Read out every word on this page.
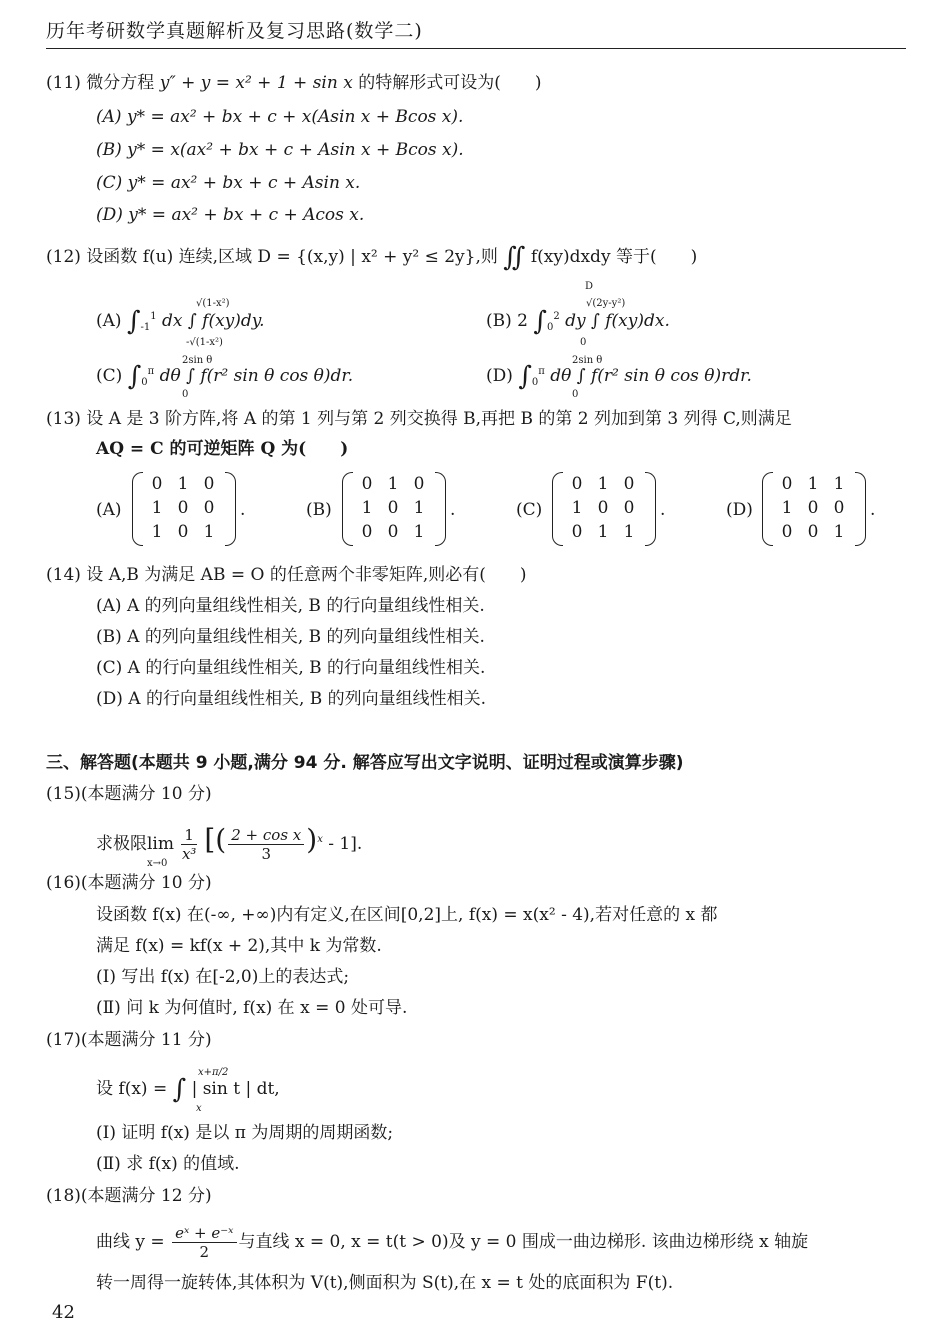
历年考研数学真题解析及复习思路(数学二)
(11) 微分方程 y″ + y = x² + 1 + sin x 的特解形式可设为(　　)
(A) y* = ax² + bx + c + x(Asin x + Bcos x).
(B) y* = x(ax² + bx + c + Asin x + Bcos x).
(C) y* = ax² + bx + c + Asin x.
(D) y* = ax² + bx + c + Acos x.
(12) 设函数 f(u) 连续,区域 D = {(x,y) | x² + y² ≤ 2y},则 ∬ f(xy)dxdy 等于(　　)
D
(A) $\int_{-1}^1$ dx ∫ f(xy)dy.
√(1-x²)
-√(1-x²)
(B) 2 $\int_0^2$ dy ∫ f(xy)dx.
√(2y-y²)
0
(C) $\int_0^\pi$ dθ ∫ f(r² sin θ cos θ)dr.
2sin θ
0
(D) $\int_0^\pi$ dθ ∫ f(r² sin θ cos θ)rdr.
2sin θ
0
(13) 设 A 是 3 阶方阵,将 A 的第 1 列与第 2 列交换得 B,再把 B 的第 2 列加到第 3 列得 C,则满足
AQ = C 的可逆矩阵 Q 为(　　)
(A)
0	1	0
1	0	0
1	0	1
.	(B)
0	1	0
1	0	1
0	0	1
.	(C)
0	1	0
1	0	0
0	1	1
.	(D)
0	1	1
1	0	0
0	0	1
.
(14) 设 A,B 为满足 AB = O 的任意两个非零矩阵,则必有(　　)
(A) A 的列向量组线性相关, B 的行向量组线性相关.
(B) A 的列向量组线性相关, B 的列向量组线性相关.
(C) A 的行向量组线性相关, B 的行向量组线性相关.
(D) A 的行向量组线性相关, B 的列向量组线性相关.
三、解答题(本题共 9 小题,满分 94 分. 解答应写出文字说明、证明过程或演算步骤)
(15)(本题满分 10 分)
求极限lim
x→0

$\frac{1}{\text{x³}}$ [( $\frac{\text{2 + cos x}}{3} )^x - 1$].
(16)(本题满分 10 分)
设函数 f(x) 在(-∞, +∞)内有定义,在区间[0,2]上, f(x) = x(x² - 4),若对任意的 x 都
满足 f(x) = kf(x + 2),其中 k 为常数.
(Ⅰ) 写出 f(x) 在[-2,0)上的表达式;
(Ⅱ) 问 k 为何值时, f(x) 在 x = 0 处可导.
(17)(本题满分 11 分)
设 f(x) = ∫ | sin t | dt,
x+π/2
x
(Ⅰ) 证明 f(x) 是以 π 为周期的周期函数;
(Ⅱ) 求 f(x) 的值域.
(18)(本题满分 12 分)
曲线 $y = \frac{\text{eˣ + e⁻ˣ}}{2}$ 与直线 x = 0, x = t(t > 0)及 y = 0 围成一曲边梯形. 该曲边梯形绕 x 轴旋
转一周得一旋转体,其体积为 V(t),侧面积为 S(t),在 x = t 处的底面积为 F(t).
42
